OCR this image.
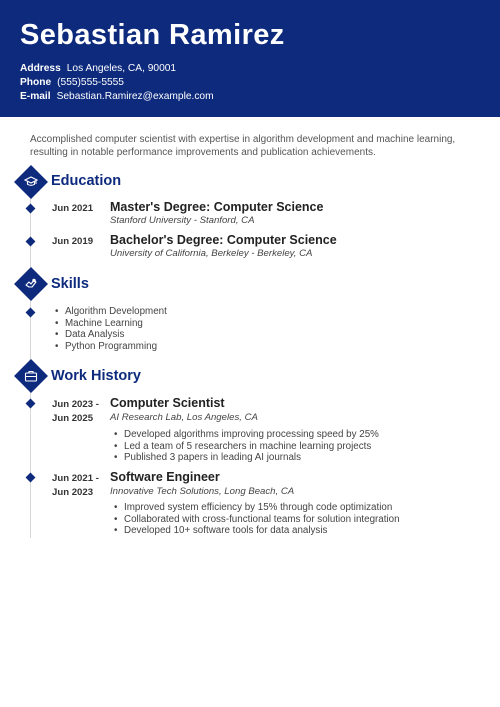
Sebastian Ramirez
Address Los Angeles, CA, 90001
Phone (555)555-5555
E-mail Sebastian.Ramirez@example.com
Accomplished computer scientist with expertise in algorithm development and machine learning, resulting in notable performance improvements and publication achievements.
Education
Jun 2021 Master's Degree: Computer Science
Stanford University - Stanford, CA
Jun 2019 Bachelor's Degree: Computer Science
University of California, Berkeley - Berkeley, CA
Skills
• Algorithm Development
• Machine Learning
• Data Analysis
• Python Programming
Work History
Jun 2023 -
Jun 2025
Computer Scientist
AI Research Lab, Los Angeles, CA
• Developed algorithms improving processing speed by 25%
• Led a team of 5 researchers in machine learning projects
• Published 3 papers in leading AI journals
Jun 2021 -
Jun 2023
Software Engineer
Innovative Tech Solutions, Long Beach, CA
• Improved system efficiency by 15% through code optimization
• Collaborated with cross-functional teams for solution integration
• Developed 10+ software tools for data analysis
